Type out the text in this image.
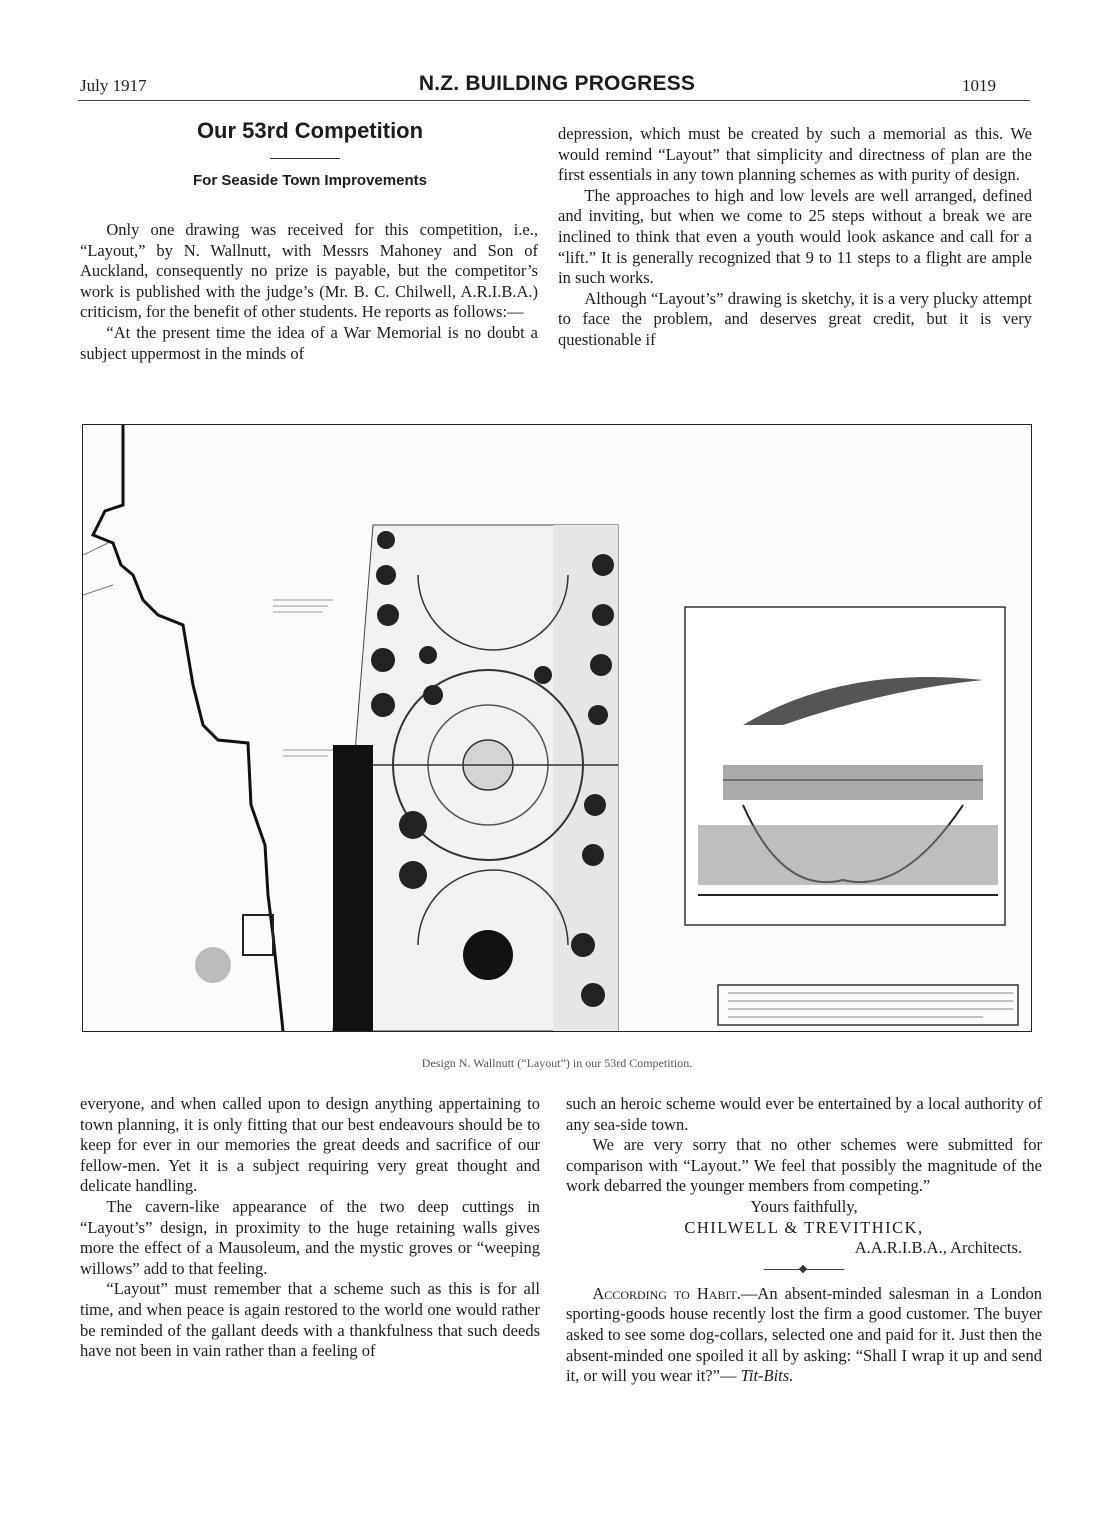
July 1917	N.Z. BUILDING PROGRESS	1019
Our 53rd Competition
For Seaside Town Improvements

Only one drawing was received for this competition, i.e., “Layout,” by N. Wallnutt, with Messrs Mahoney and Son of Auckland, consequently no prize is payable, but the competitor’s work is published with the judge’s (Mr. B. C. Chilwell, A.R.I.B.A.) criticism, for the benefit of other students. He reports as follows:—

“At the present time the idea of a War Memorial is no doubt a subject uppermost in the minds of

depression, which must be created by such a memorial as this. We would remind “Layout” that simplicity and directness of plan are the first essentials in any town planning schemes as with purity of design.

The approaches to high and low levels are well arranged, defined and inviting, but when we come to 25 steps without a break we are inclined to think that even a youth would look askance and call for a “lift.” It is generally recognized that 9 to 11 steps to a flight are ample in such works.

Although “Layout’s” drawing is sketchy, it is a very plucky attempt to face the problem, and deserves great credit, but it is very questionable if

Design N. Wallnutt (“Layout”) in our 53rd Competition.

everyone, and when called upon to design anything appertaining to town planning, it is only fitting that our best endeavours should be to keep for ever in our memories the great deeds and sacrifice of our fellow-men. Yet it is a subject requiring very great thought and delicate handling.

The cavern-like appearance of the two deep cuttings in “Layout’s” design, in proximity to the huge retaining walls gives more the effect of a Mausoleum, and the mystic groves or “weeping willows” add to that feeling.

“Layout” must remember that a scheme such as this is for all time, and when peace is again restored to the world one would rather be reminded of the gallant deeds with a thankfulness that such deeds have not been in vain rather than a feeling of

such an heroic scheme would ever be entertained by a local authority of any sea-side town.

We are very sorry that no other schemes were submitted for comparison with “Layout.” We feel that possibly the magnitude of the work debarred the younger members from competing.”

Yours faithfully,
CHILWELL & TREVITHICK,
A.A.R.I.B.A., Architects.

According to Habit.—An absent-minded salesman in a London sporting-goods house recently lost the firm a good customer. The buyer asked to see some dog-collars, selected one and paid for it. Just then the absent-minded one spoiled it all by asking: “Shall I wrap it up and send it, or will you wear it?”— Tit-Bits.
